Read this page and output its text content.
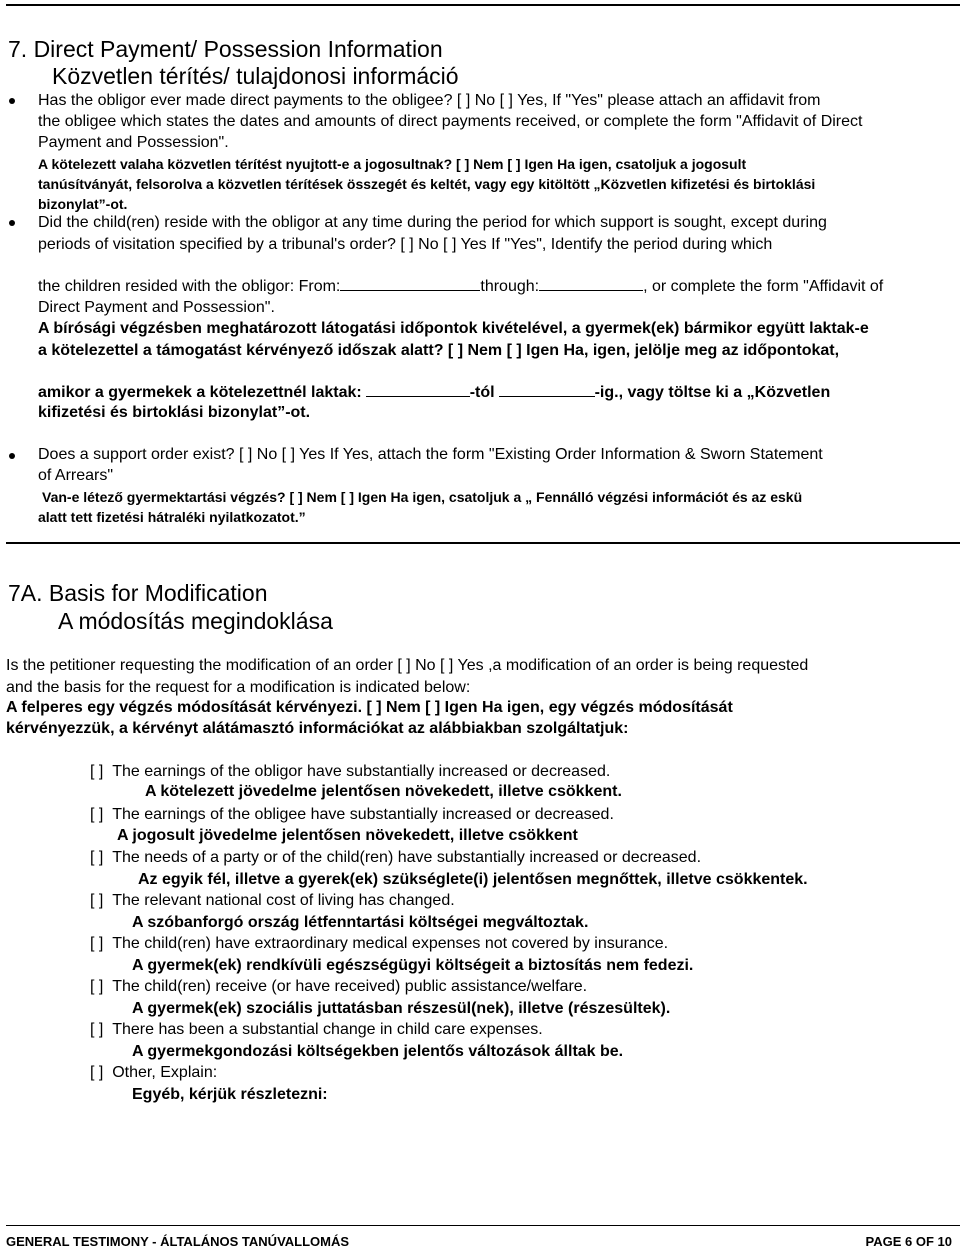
7. Direct Payment/ Possession Information
Közvetlen térítés/ tulajdonosi információ
Has the obligor ever made direct payments to the obligee? [ ] No [ ] Yes, If "Yes" please attach an affidavit from
the obligee which states the dates and amounts of direct payments received, or complete the form "Affidavit of Direct
Payment and Possession".
A kötelezett valaha közvetlen térítést nyujtott-e a jogosultnak? [ ] Nem [ ] Igen Ha igen, csatoljuk a jogosult
tanúsítványát, felsorolva a közvetlen térítések összegét és keltét, vagy egy kitöltött „Közvetlen kifizetési és birtoklási
bizonylat”-ot.
Did the child(ren) reside with the obligor at any time during the period for which support is sought, except during
periods of visitation specified by a tribunal's order? [ ] No [ ] Yes If "Yes", Identify the period during which
the children resided with the obligor: From:	through:	, or complete the form "Affidavit of
Direct Payment and Possession".
A bírósági végzésben meghatározott látogatási időpontok kivételével, a gyermek(ek) bármikor együtt laktak-e
a kötelezettel a támogatást kérvényező időszak alatt? [ ] Nem [ ] Igen Ha, igen, jelölje meg az időpontokat,
amikor a gyermekek a kötelezettnél laktak:	-tól	-ig., vagy töltse ki a „Közvetlen
kifizetési és birtoklási bizonylat”-ot.
Does a support order exist? [ ] No [ ] Yes If Yes, attach the form "Existing Order Information & Sworn Statement
of Arrears"
Van-e létező gyermektartási végzés? [ ] Nem [ ] Igen Ha igen, csatoljuk a „ Fennálló végzési információt és az eskü
alatt tett fizetési hátraléki nyilatkozatot.”
7A. Basis for Modification
A módosítás megindoklása
Is the petitioner requesting the modification of an order [ ] No [ ] Yes ,a modification of an order is being requested
and the basis for the request for a modification is indicated below:
A felperes egy végzés módosítását kérvényezi. [ ] Nem [ ] Igen Ha igen, egy végzés módosítását
kérvényezzük, a kérvényt alátámasztó információkat az alábbiakban szolgáltatjuk:
[ ] The earnings of the obligor have substantially increased or decreased.
A kötelezett jövedelme jelentősen növekedett, illetve csökkent.
[ ] The earnings of the obligee have substantially increased or decreased.
A jogosult jövedelme jelentősen növekedett, illetve csökkent
[ ] The needs of a party or of the child(ren) have substantially increased or decreased.
Az egyik fél, illetve a gyerek(ek) szükséglete(i) jelentősen megnőttek, illetve csökkentek.
[ ] The relevant national cost of living has changed.
A szóbanforgó ország létfenntartási költségei megváltoztak.
[ ] The child(ren) have extraordinary medical expenses not covered by insurance.
A gyermek(ek) rendkívüli egészségügyi költségeit a biztosítás nem fedezi.
[ ] The child(ren) receive (or have received) public assistance/welfare.
A gyermek(ek) szociális juttatásban részesül(nek), illetve (részesültek).
[ ] There has been a substantial change in child care expenses.
A gyermekgondozási költségekben jelentős változások álltak be.
[ ] Other, Explain:
Egyéb, kérjük részletezni:
GENERAL TESTIMONY - ÁLTALÁNOS TANÚVALLOMÁS	PAGE 6 OF 10
